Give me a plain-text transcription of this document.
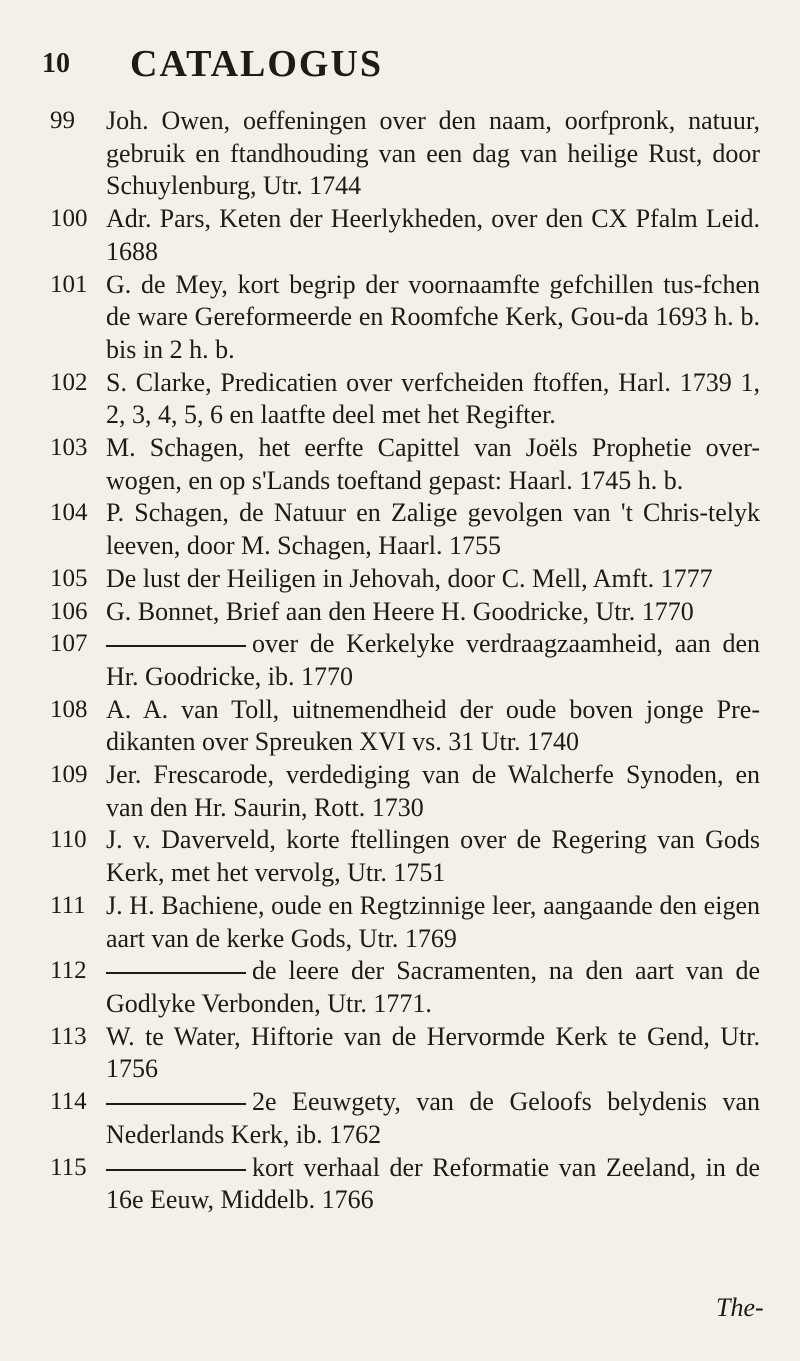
10 CATALOGUS
99 Joh. Owen, oeffeningen over den naam, oorfpronk, natuur, gebruik en ftandhouding van een dag van heilige Rust, door Schuylenburg, Utr. 1744
100 Adr. Pars, Keten der Heerlykheden, over den CX Pfalm Leid. 1688
101 G. de Mey, kort begrip der voornaamfte gefchillen tus-fchen de ware Gereformeerde en Roomfche Kerk, Gou-da 1693 h. b. bis in 2 h. b.
102 S. Clarke, Predicatien over verfcheiden ftoffen, Harl. 1739 1, 2, 3, 4, 5, 6 en laatfte deel met het Regifter.
103 M. Schagen, het eerfte Capittel van Joëls Prophetie over-wogen, en op s'Lands toeftand gepast: Haarl. 1745 h. b.
104 P. Schagen, de Natuur en Zalige gevolgen van 't Chris-telyk leeven, door M. Schagen, Haarl. 1755
105 De lust der Heiligen in Jehovah, door C. Mell, Amft. 1777
106 G. Bonnet, Brief aan den Heere H. Goodricke, Utr. 1770
107	over de Kerkelyke verdraagzaamheid, aan den Hr. Goodricke, ib. 1770
108 A. A. van Toll, uitnemendheid der oude boven jonge Pre-dikanten over Spreuken XVI vs. 31 Utr. 1740
109 Jer. Frescarode, verdediging van de Walcherfe Synoden, en van den Hr. Saurin, Rott. 1730
110 J. v. Daverveld, korte ftellingen over de Regering van Gods Kerk, met het vervolg, Utr. 1751
111 J. H. Bachiene, oude en Regtzinnige leer, aangaande den eigen aart van de kerke Gods, Utr. 1769
112	de leere der Sacramenten, na den aart van de Godlyke Verbonden, Utr. 1771.
113 W. te Water, Hiftorie van de Hervormde Kerk te Gend, Utr. 1756
114	2e Eeuwgety, van de Geloofs belydenis van Nederlands Kerk, ib. 1762
115	kort verhaal der Reformatie van Zeeland, in de 16e Eeuw, Middelb. 1766
The-
